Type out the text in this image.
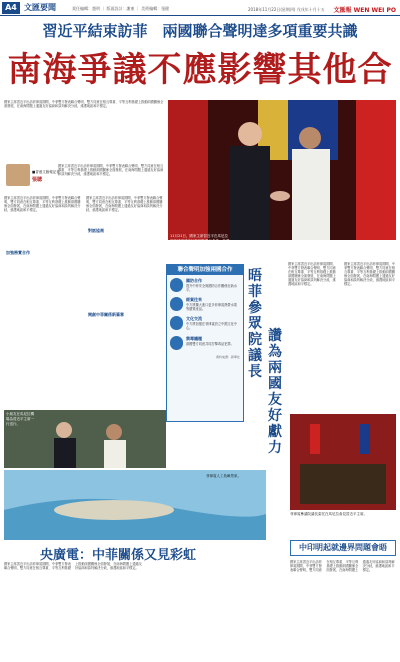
A4 文匯要聞	責任編輯：趙明 ｜ 版面設計：謝東 ｜ 美術編輯：張健	2018年11月22日(星期四) 戊戌年十月十五 文匯報 WEN WEI PO
習近平結束訪菲　兩國聯合聲明達多項重要共識
南海爭議不應影響其他合
國家主席習近平出訪菲律賓期間，中菲雙方發表聯合聲明，雙方同意在相互尊重、平等互利基礎上推動兩國關係全面發展，在南海問題上通過友好協商和談判解決分歧，維護地區和平穩定。
■香港文匯報記者
張聰
國家主席習近平出訪菲律賓期間，中菲雙方發表聯合聲明，雙方同意在相互尊重、平等互利基礎上推動兩國關係全面發展，在南海問題上通過友好協商和談判解決分歧，維護地區和平穩定。
11月21日，國家主席習近平在馬尼拉同菲律賓總統杜特爾特舉行會談。新華社
國家主席習近平出訪菲律賓期間，中菲雙方發表聯合聲明，雙方同意在相互尊重、平等互利基礎上推動兩國關係全面發展，在南海問題上通過友好協商和談判解決分歧，維護地區和平穩定。
加強務實合作
國家主席習近平出訪菲律賓期間，中菲雙方發表聯合聲明，雙方同意在相互尊重、平等互利基礎上推動兩國關係全面發展，在南海問題上通過友好協商和談判解決分歧，維護地區和平穩定。
對話協商
開創中菲關係新篇章
聯合聲明加強兩國合作
國防合作
提升中菲安全與國防合作關係至新水平。
經貿往來
中方將擴大進口更多菲律賓熱帶水果等優質產品。
文化交流
中方將加強在菲律賓設立中國文化中心。
禁毒議題
兩國雙方同意共同打擊毒品犯罪。
資料來源：新華社
晤菲參眾院議長
讚為兩國友好獻力
國家主席習近平出訪菲律賓期間，中菲雙方發表聯合聲明，雙方同意在相互尊重、平等互利基礎上推動兩國關係全面發展，在南海問題上通過友好協商和談判解決分歧，維護地區和平穩定。
國家主席習近平出訪菲律賓期間，中菲雙方發表聯合聲明，雙方同意在相互尊重、平等互利基礎上推動兩國關係全面發展，在南海問題上通過友好協商和談判解決分歧，維護地區和平穩定。
小朋友在馬尼拉機場為習近平主席一行送行。
菲律賓人工島嶼景象。
菲律賓參議院議長索托在馬尼拉會見習近平主席。
央廣電：中菲關係又見彩虹
國家主席習近平出訪菲律賓期間，中菲雙方發表聯合聲明，雙方同意在相互尊重、平等互利基礎上推動兩國關係全面發展，在南海問題上通過友好協商和談判解決分歧，維護地區和平穩定。
中印明起就邊界問題會晤
國家主席習近平出訪菲律賓期間，中菲雙方發表聯合聲明，雙方同意在相互尊重、平等互利基礎上推動兩國關係全面發展，在南海問題上通過友好協商和談判解決分歧，維護地區和平穩定。
